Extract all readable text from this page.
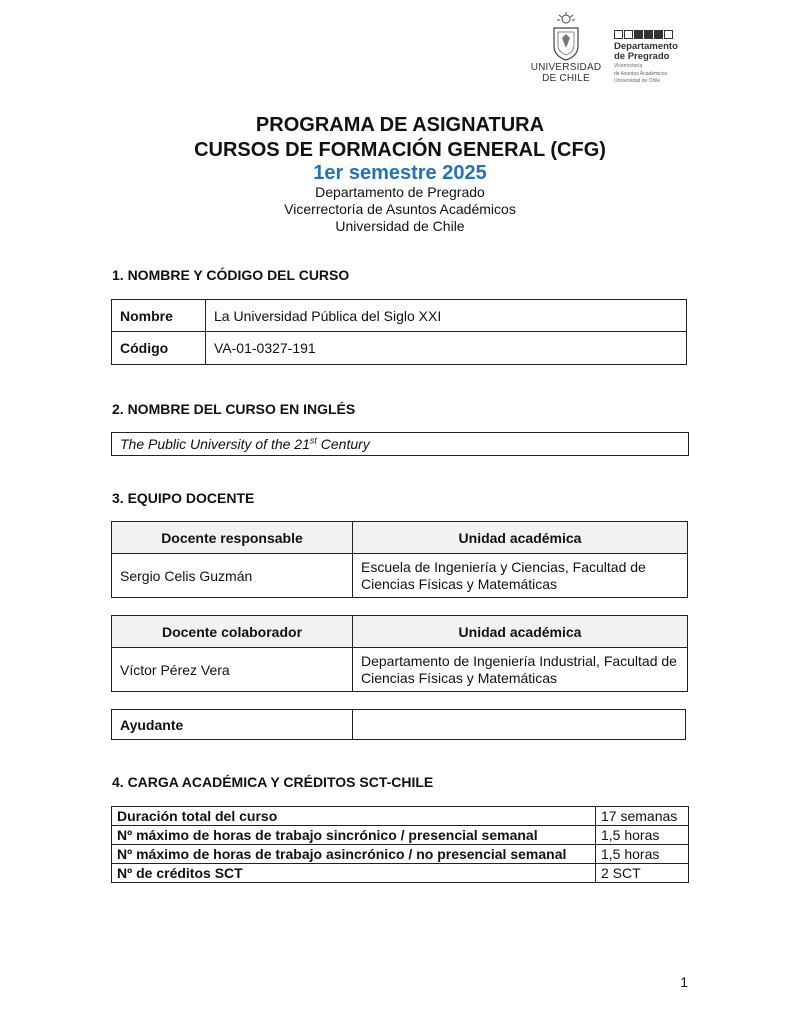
UNIVERSIDAD
DE CHILE
Departamento
de Pregrado
Vicerrectoría
de Asuntos Académicos
Universidad de Chile
PROGRAMA DE ASIGNATURA
CURSOS DE FORMACIÓN GENERAL (CFG)
1er semestre 2025
Departamento de Pregrado
Vicerrectoría de Asuntos Académicos
Universidad de Chile
1. NOMBRE Y CÓDIGO DEL CURSO
Nombre	La Universidad Pública del Siglo XXI
Código	VA-01-0327-191
2. NOMBRE DEL CURSO EN INGLÉS
The Public University of the 21st Century
3. EQUIPO DOCENTE
Docente responsable	Unidad académica
Sergio Celis Guzmán	Escuela de Ingeniería y Ciencias, Facultad de Ciencias Físicas y Matemáticas
Docente colaborador	Unidad académica
Víctor Pérez Vera	Departamento de Ingeniería Industrial, Facultad de Ciencias Físicas y Matemáticas
Ayudante	
4. CARGA ACADÉMICA Y CRÉDITOS SCT-CHILE
Duración total del curso	17 semanas
Nº máximo de horas de trabajo sincrónico / presencial semanal	1,5 horas
Nº máximo de horas de trabajo asincrónico / no presencial semanal	1,5 horas
Nº de créditos SCT	2 SCT
1
